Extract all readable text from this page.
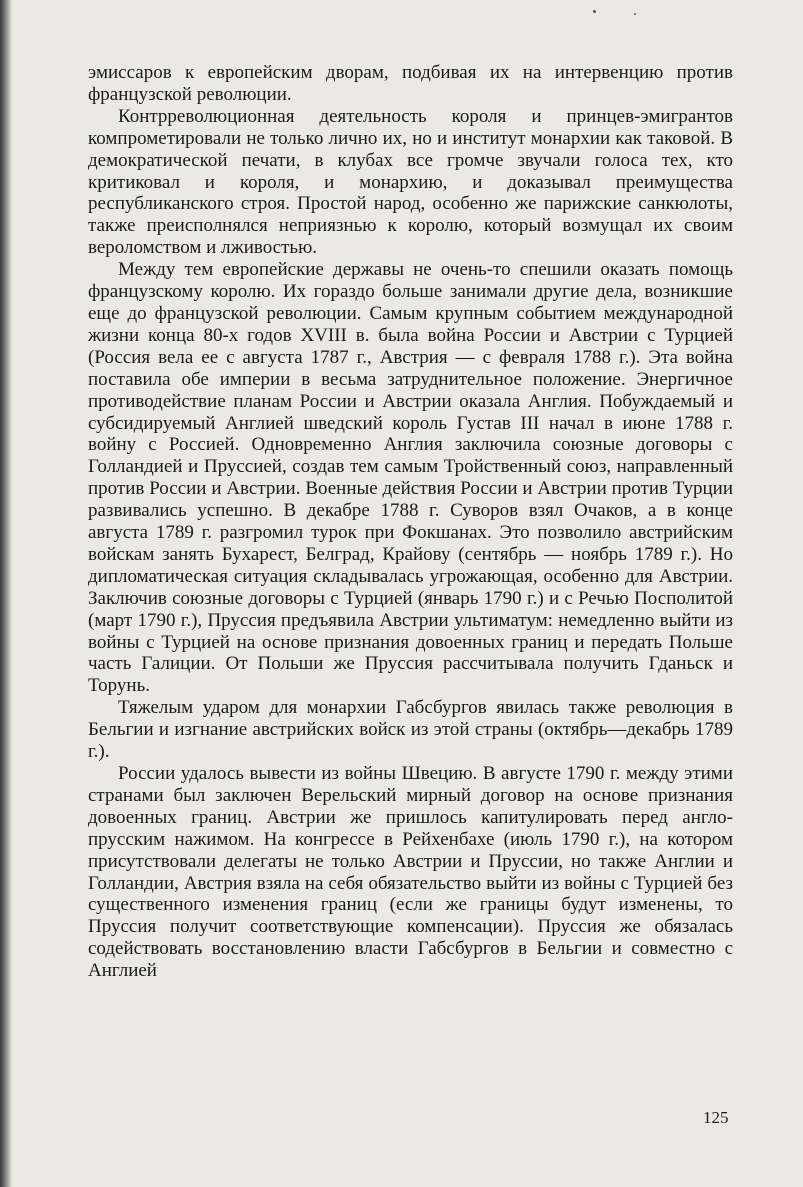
эмиссаров к европейским дворам, подбивая их на интервенцию против французской революции.

Контрреволюционная деятельность короля и принцев-эмигрантов компрометировали не только лично их, но и институт монархии как таковой. В демократической печати, в клубах все громче звучали голоса тех, кто критиковал и короля, и монархию, и доказывал преимущества республиканского строя. Простой народ, особенно же парижские санкюлоты, также преисполнялся неприязнью к королю, который возмущал их своим вероломством и лживостью.

Между тем европейские державы не очень-то спешили оказать помощь французскому королю. Их гораздо больше занимали другие дела, возникшие еще до французской революции. Самым крупным событием международной жизни конца 80-х годов XVIII в. была война России и Австрии с Турцией (Россия вела ее с августа 1787 г., Австрия — с февраля 1788 г.). Эта война поставила обе империи в весьма затруднительное положение. Энергичное противодействие планам России и Австрии оказала Англия. Побуждаемый и субсидируемый Англией шведский король Густав III начал в июне 1788 г. войну с Россией. Одновременно Англия заключила союзные договоры с Голландией и Пруссией, создав тем самым Тройственный союз, направленный против России и Австрии. Военные действия России и Австрии против Турции развивались успешно. В декабре 1788 г. Суворов взял Очаков, а в конце августа 1789 г. разгромил турок при Фокшанах. Это позволило австрийским войскам занять Бухарест, Белград, Крайову (сентябрь — ноябрь 1789 г.). Но дипломатическая ситуация складывалась угрожающая, особенно для Австрии. Заключив союзные договоры с Турцией (январь 1790 г.) и с Речью Посполитой (март 1790 г.), Пруссия предъявила Австрии ультиматум: немедленно выйти из войны с Турцией на основе признания довоенных границ и передать Польше часть Галиции. От Польши же Пруссия рассчитывала получить Гданьск и Торунь.

Тяжелым ударом для монархии Габсбургов явилась также революция в Бельгии и изгнание австрийских войск из этой страны (октябрь—декабрь 1789 г.).

России удалось вывести из войны Швецию. В августе 1790 г. между этими странами был заключен Верельский мирный договор на основе признания довоенных границ. Австрии же пришлось капитулировать перед англо-прусским нажимом. На конгрессе в Рейхенбахе (июль 1790 г.), на котором присутствовали делегаты не только Австрии и Пруссии, но также Англии и Голландии, Австрия взяла на себя обязательство выйти из войны с Турцией без существенного изменения границ (если же границы будут изменены, то Пруссия получит соответствующие компенсации). Пруссия же обязалась содействовать восстановлению власти Габсбургов в Бельгии и совместно с Англией

125
